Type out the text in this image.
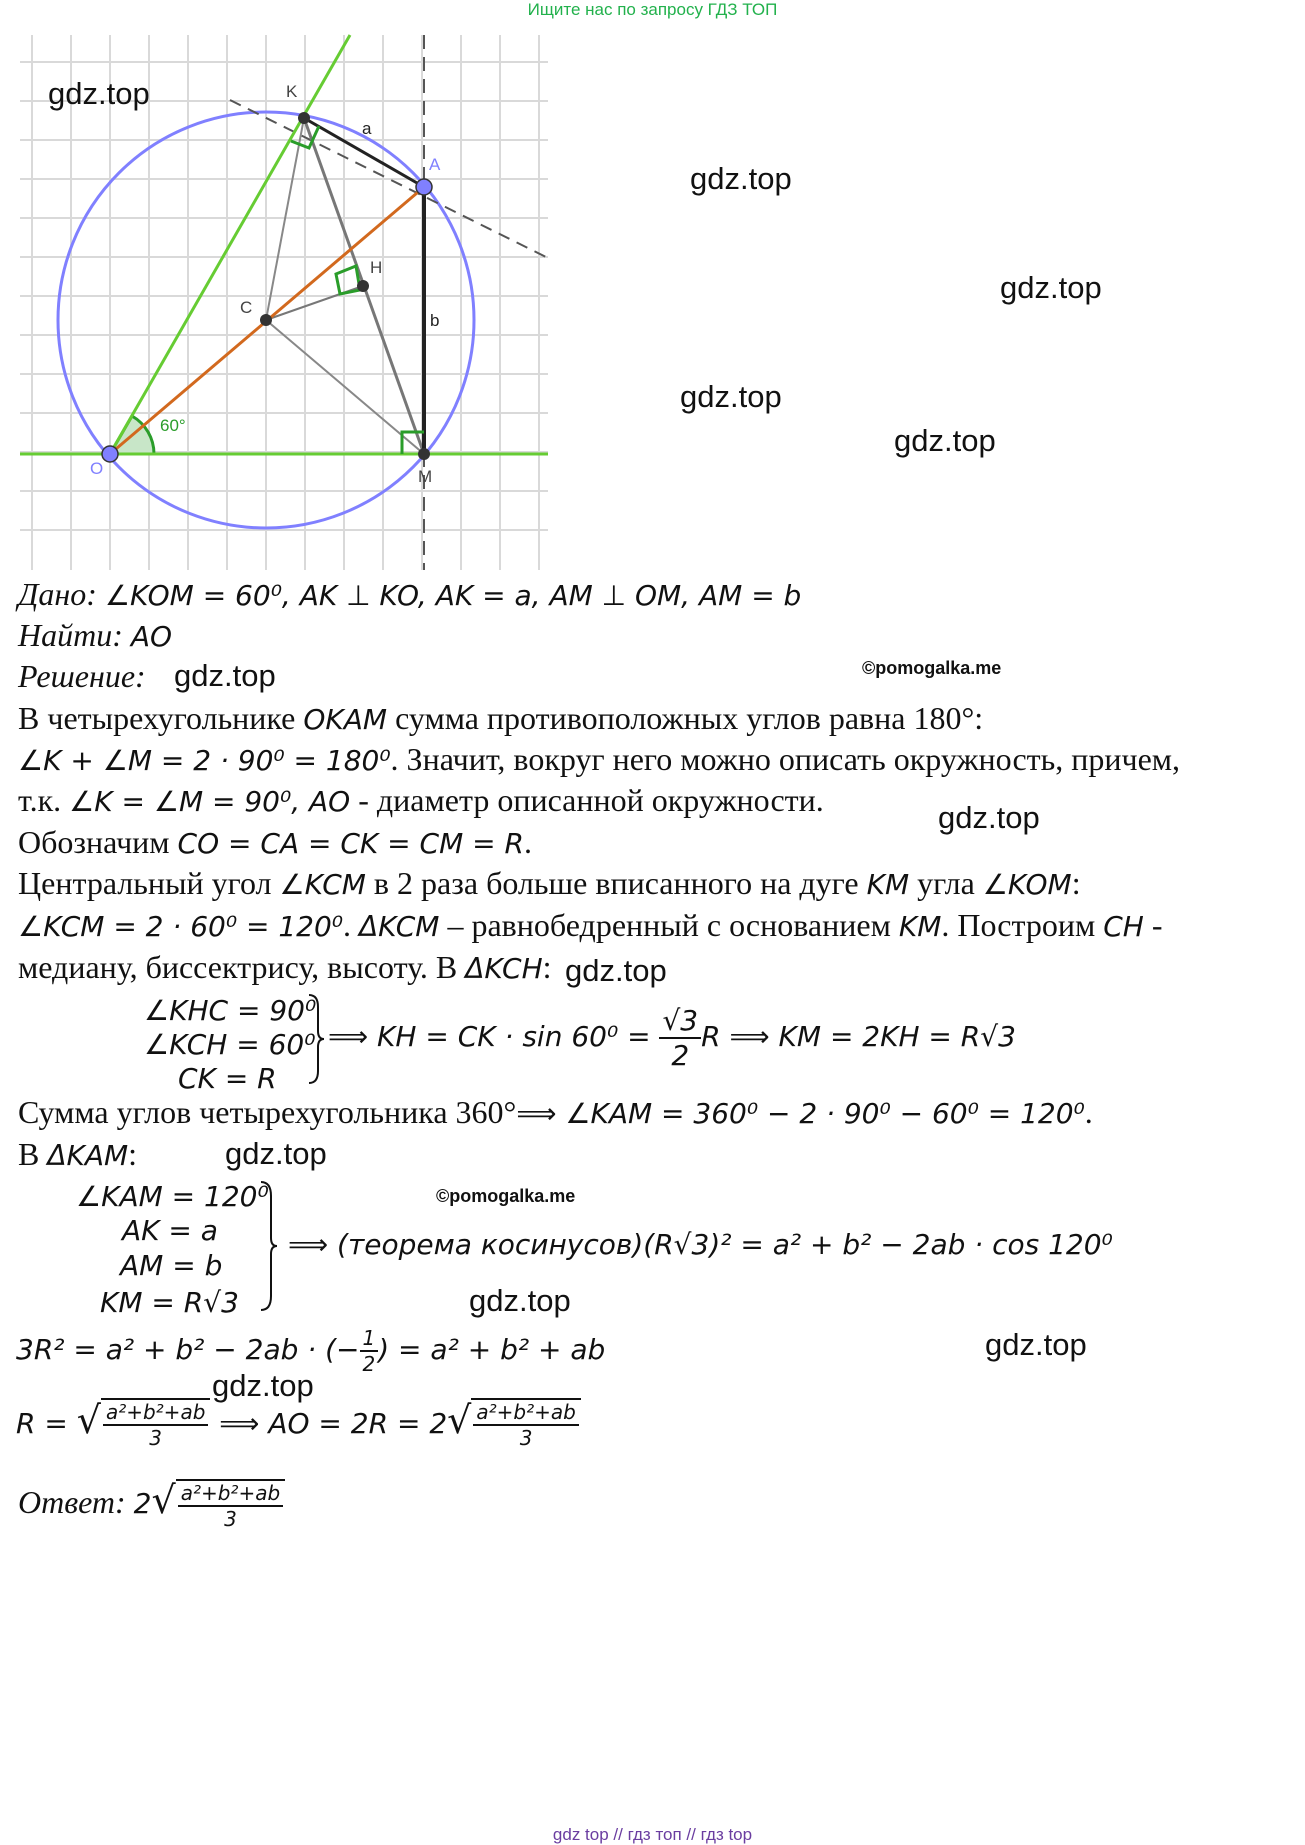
Ищите нас по запросу ГДЗ ТОП
K
A
H
C
O	M
a
b
60°
gdz.top
gdz.top
gdz.top
gdz.top
gdz.top
gdz.top
gdz.top
gdz.top
gdz.top
gdz.top
gdz.top
gdz.top
©pomogalka.me
©pomogalka.me
Дано: ∠KOM = 60⁰, AK ⊥ KO, AK = a, AM ⊥ OM, AM = b
Найти: AO
Решение:
В четырехугольнике OKAM сумма противоположных углов равна 180°:
∠K + ∠M = 2 · 90⁰ = 180⁰. Значит, вокруг него можно описать окружность, причем,
т.к. ∠K = ∠M = 90⁰, AO - диаметр описанной окружности.
Обозначим CO = CA = CK = CM = R.
Центральный угол ∠KCM в 2 раза больше вписанного на дуге KM угла ∠KOM:
∠KCM = 2 · 60⁰ = 120⁰. ΔKCM – равнобедренный с основанием KM. Построим CH -
медиану, биссектрису, высоту. В ΔKCH:
∠KHC = 90⁰
∠KCH = 60⁰
CK = R
⟹ KH = CK · $\sin 60^0 = \frac{√3}{2}$ R ⟹ KM = 2KH = R√3
Сумма углов четырехугольника 360°⟹ ∠KAM = 360⁰ − 2 · 90⁰ − 60⁰ = 120⁰.
В ΔKAM:
∠KAM = 120⁰
AK = a
AM = b
KM = R√3
⟹ (теорема косинусов)(R√3)² = a² + b² − 2ab · cos 120⁰
3R² = a² + b² − 2ab · (− $\frac{1}{2}$ ) = a² + b² + ab
R = √ $\frac{\text{a²+b²+ab}}{3}$ ⟹ AO = $2R = 2√ \frac{\text{a²+b²+ab}}{3}$
Ответ: $2√ \frac{\text{a²+b²+ab}}{3}$
gdz top // гдз топ // гдз top
